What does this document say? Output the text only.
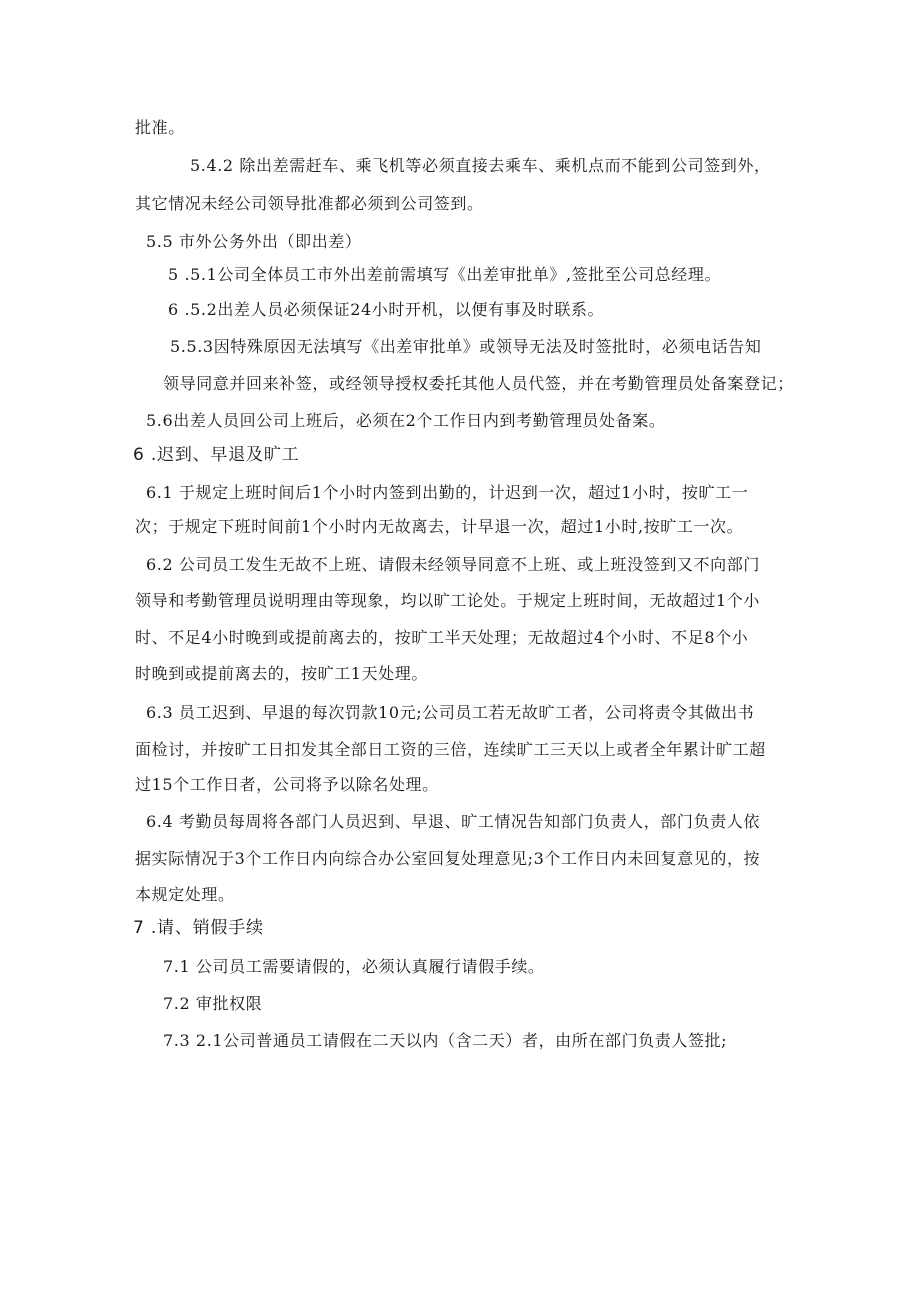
批准。
5.4.2 除出差需赶车、乘飞机等必须直接去乘车、乘机点而不能到公司签到外，
其它情况未经公司领导批准都必须到公司签到。
5.5 市外公务外出（即出差）
5 .5.1公司全体员工市外出差前需填写《出差审批单》,签批至公司总经理。
6 .5.2出差人员必须保证24小时开机，以便有事及时联系。
5.5.3因特殊原因无法填写《出差审批单》或领导无法及时签批时，必须电话告知
领导同意并回来补签，或经领导授权委托其他人员代签，并在考勤管理员处备案登记；
5.6出差人员回公司上班后，必须在2个工作日内到考勤管理员处备案。
6 .迟到、早退及旷工
6.1 于规定上班时间后1个小时内签到出勤的，计迟到一次，超过1小时，按旷工一
次；于规定下班时间前1个小时内无故离去，计早退一次，超过1小时,按旷工一次。
6.2 公司员工发生无故不上班、请假未经领导同意不上班、或上班没签到又不向部门
领导和考勤管理员说明理由等现象，均以旷工论处。于规定上班时间，无故超过1个小
时、不足4小时晚到或提前离去的，按旷工半天处理；无故超过4个小时、不足8个小
时晚到或提前离去的，按旷工1天处理。
6.3 员工迟到、早退的每次罚款10元;公司员工若无故旷工者，公司将责令其做出书
面检讨，并按旷工日扣发其全部日工资的三倍，连续旷工三天以上或者全年累计旷工超
过15个工作日者，公司将予以除名处理。
6.4 考勤员每周将各部门人员迟到、早退、旷工情况告知部门负责人，部门负责人依
据实际情况于3个工作日内向综合办公室回复处理意见;3个工作日内未回复意见的，按
本规定处理。
7 .请、销假手续
7.1 公司员工需要请假的，必须认真履行请假手续。
7.2 审批权限
7.3 2.1公司普通员工请假在二天以内（含二天）者，由所在部门负责人签批;
